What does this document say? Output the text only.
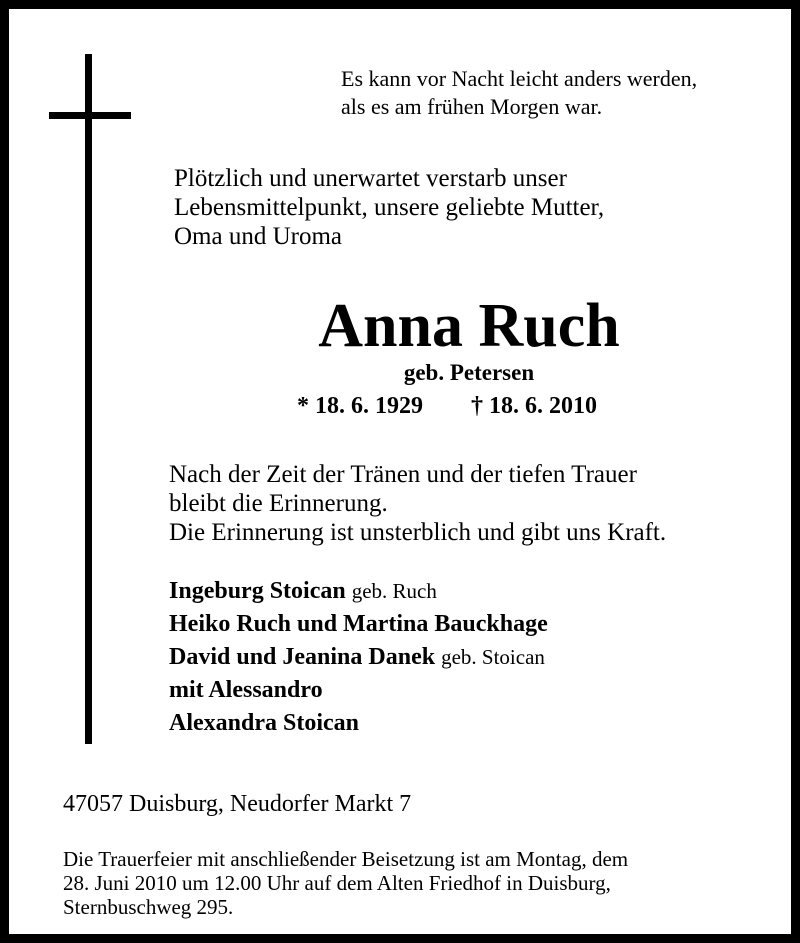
Es kann vor Nacht leicht anders werden,
als es am frühen Morgen war.

Plötzlich und unerwartet verstarb unser
Lebensmittelpunkt, unsere geliebte Mutter,
Oma und Uroma

Anna Ruch
geb. Petersen
* 18. 6. 1929 † 18. 6. 2010

Nach der Zeit der Tränen und der tiefen Trauer
bleibt die Erinnerung.
Die Erinnerung ist unsterblich und gibt uns Kraft.

Ingeburg Stoican geb. Ruch
Heiko Ruch und Martina Bauckhage
David und Jeanina Danek geb. Stoican
mit Alessandro
Alexandra Stoican

47057 Duisburg, Neudorfer Markt 7

Die Trauerfeier mit anschließender Beisetzung ist am Montag, dem
28. Juni 2010 um 12.00 Uhr auf dem Alten Friedhof in Duisburg,
Sternbuschweg 295.
